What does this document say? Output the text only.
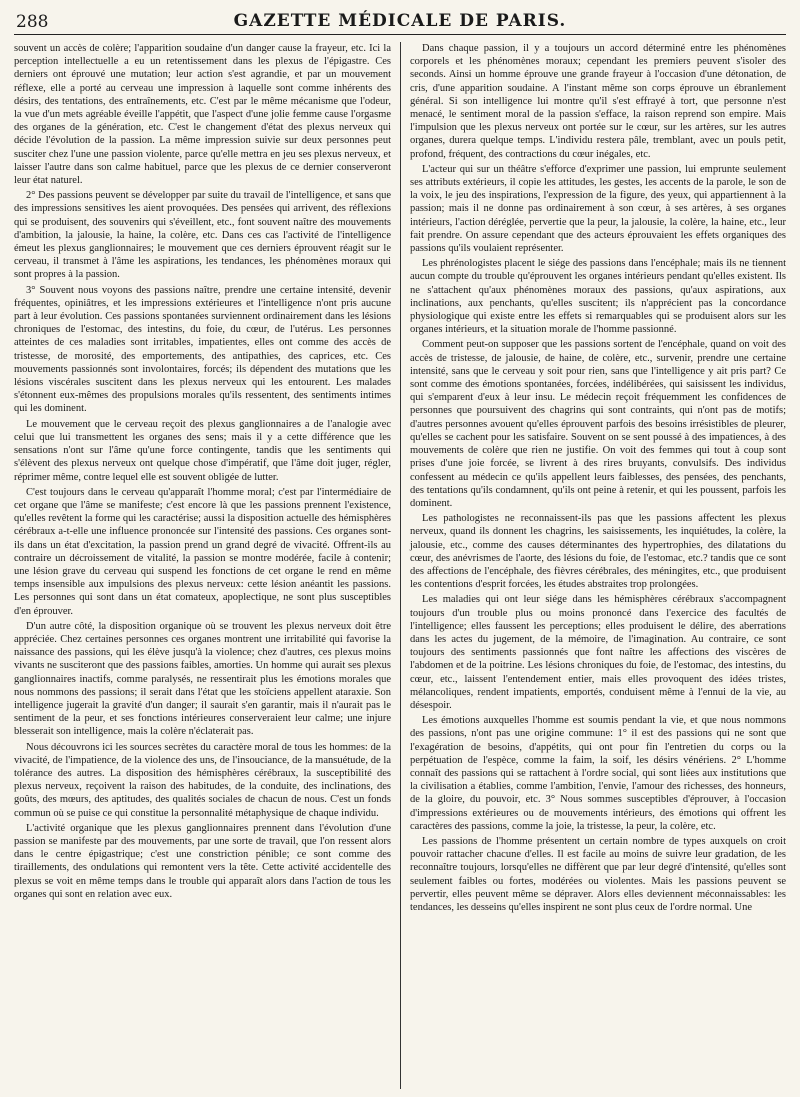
288	GAZETTE MÉDICALE DE PARIS.

souvent un accès de colère; l'apparition soudaine d'un danger cause la frayeur, etc. Ici la perception intellectuelle a eu un retentissement dans les plexus de l'épigastre. Ces derniers ont éprouvé une mutation; leur action s'est agrandie, et par un mouvement réflexe, elle a porté au cerveau une impression à laquelle sont comme inhérents des désirs, des tentations, des entraînements, etc. C'est par le même mécanisme que l'odeur, la vue d'un mets agréable éveille l'appétit, que l'aspect d'une jolie femme cause l'orgasme des organes de la génération, etc. C'est le changement d'état des plexus nerveux qui décide l'évolution de la passion. La même impression suivie sur deux personnes peut susciter chez l'une une passion violente, parce qu'elle mettra en jeu ses plexus nerveux, et laisser l'autre dans son calme habituel, parce que les plexus de ce dernier conserveront leur état naturel.

2° Des passions peuvent se développer par suite du travail de l'intelligence, et sans que des impressions sensitives les aient provoquées. Des pensées qui arrivent, des réflexions qui se produisent, des souvenirs qui s'éveillent, etc., font souvent naître des mouvements d'ambition, la jalousie, la haine, la colère, etc. Dans ces cas l'activité de l'intelligence émeut les plexus ganglionnaires; le mouvement que ces derniers éprouvent réagit sur le cerveau, il transmet à l'âme les aspirations, les tendances, les phénomènes moraux qui sont propres à la passion.

3° Souvent nous voyons des passions naître, prendre une certaine intensité, devenir fréquentes, opiniâtres, et les impressions extérieures et l'intelligence n'ont pris aucune part à leur évolution. Ces passions spontanées surviennent ordinairement dans les lésions chroniques de l'estomac, des intestins, du foie, du cœur, de l'utérus. Les personnes atteintes de ces maladies sont irritables, impatientes, elles ont comme des accès de tristesse, de morosité, des emportements, des antipathies, des caprices, etc. Ces mouvements passionnés sont involontaires, forcés; ils dépendent des mutations que les lésions viscérales suscitent dans les plexus nerveux qui les entourent. Les malades s'étonnent eux-mêmes des propulsions morales qu'ils ressentent, des sentiments intimes qui les dominent.

Le mouvement que le cerveau reçoit des plexus ganglionnaires a de l'analogie avec celui que lui transmettent les organes des sens; mais il y a cette différence que les sensations n'ont sur l'âme qu'une force contingente, tandis que les sentiments qui s'élèvent des plexus nerveux ont quelque chose d'impératif, que l'âme doit juger, régler, réprimer même, contre lequel elle est souvent obligée de lutter.

C'est toujours dans le cerveau qu'apparaît l'homme moral; c'est par l'intermédiaire de cet organe que l'âme se manifeste; c'est encore là que les passions prennent l'existence, qu'elles revêtent la forme qui les caractérise; aussi la disposition actuelle des hémisphères cérébraux a-t-elle une influence prononcée sur l'intensité des passions. Ces organes sont-ils dans un état d'excitation, la passion prend un grand degré de vivacité. Offrent-ils au contraire un décroissement de vitalité, la passion se montre modérée, facile à contenir; une lésion grave du cerveau qui suspend les fonctions de cet organe le rend en même temps insensible aux impulsions des plexus nerveux: cette lésion anéantit les passions. Les personnes qui sont dans un état comateux, apoplectique, ne sont plus susceptibles d'en éprouver.

D'un autre côté, la disposition organique où se trouvent les plexus nerveux doit être appréciée. Chez certaines personnes ces organes montrent une irritabilité qui favorise la naissance des passions, qui les élève jusqu'à la violence; chez d'autres, ces plexus moins vivants ne susciteront que des passions faibles, amorties. Un homme qui aurait ses plexus ganglionnaires inactifs, comme paralysés, ne ressentirait plus les émotions morales que nous nommons des passions; il serait dans l'état que les stoïciens appellent ataraxie. Son intelligence jugerait la gravité d'un danger; il saurait s'en garantir, mais il n'aurait pas le sentiment de la peur, et ses fonctions intérieures conserveraient leur calme; une injure blesserait son intelligence, mais la colère n'éclaterait pas.

Nous découvrons ici les sources secrètes du caractère moral de tous les hommes: de la vivacité, de l'impatience, de la violence des uns, de l'insouciance, de la mansuétude, de la tolérance des autres. La disposition des hémisphères cérébraux, la susceptibilité des plexus nerveux, reçoivent la raison des habitudes, de la conduite, des inclinations, des goûts, des mœurs, des aptitudes, des qualités sociales de chacun de nous. C'est un fonds commun où se puise ce qui constitue la personnalité métaphysique de chaque individu.

L'activité organique que les plexus ganglionnaires prennent dans l'évolution d'une passion se manifeste par des mouvements, par une sorte de travail, que l'on ressent alors dans le centre épigastrique; c'est une constriction pénible; ce sont comme des tiraillements, des ondulations qui remontent vers la tête. Cette activité accidentelle des plexus se voit en même temps dans le trouble qui apparaît alors dans l'action de tous les organes qui sont en relation avec eux.

Dans chaque passion, il y a toujours un accord déterminé entre les phénomènes corporels et les phénomènes moraux; cependant les premiers peuvent s'isoler des seconds. Ainsi un homme éprouve une grande frayeur à l'occasion d'une détonation, de cris, d'une apparition soudaine. A l'instant même son corps éprouve un ébranlement général. Si son intelligence lui montre qu'il s'est effrayé à tort, que personne n'est menacé, le sentiment moral de la passion s'efface, la raison reprend son empire. Mais l'impulsion que les plexus nerveux ont portée sur le cœur, sur les artères, sur les autres organes, durera quelque temps. L'individu restera pâle, tremblant, avec un pouls petit, profond, fréquent, des contractions du cœur inégales, etc.

L'acteur qui sur un théâtre s'efforce d'exprimer une passion, lui emprunte seulement ses attributs extérieurs, il copie les attitudes, les gestes, les accents de la parole, le son de la voix, le jeu des inspirations, l'expression de la figure, des yeux, qui appartiennent à la passion; mais il ne donne pas ordinairement à son cœur, à ses artères, à ses organes intérieurs, l'action déréglée, pervertie que la peur, la jalousie, la colère, la haine, etc., leur fait prendre. On assure cependant que des acteurs éprouvaient les effets organiques des passions qu'ils voulaient représenter.

Les phrénologistes placent le siége des passions dans l'encéphale; mais ils ne tiennent aucun compte du trouble qu'éprouvent les organes intérieurs pendant qu'elles existent. Ils ne s'attachent qu'aux phénomènes moraux des passions, qu'aux aspirations, aux inclinations, aux penchants, qu'elles suscitent; ils n'apprécient pas la concordance physiologique qui existe entre les effets si remarquables qui se produisent alors sur les organes intérieurs, et la situation morale de l'homme passionné.

Comment peut-on supposer que les passions sortent de l'encéphale, quand on voit des accès de tristesse, de jalousie, de haine, de colère, etc., survenir, prendre une certaine intensité, sans que le cerveau y soit pour rien, sans que l'intelligence y ait pris part? Ce sont comme des émotions spontanées, forcées, indélibérées, qui saisissent les individus, qui s'emparent d'eux à leur insu. Le médecin reçoit fréquemment les confidences de personnes que poursuivent des chagrins qui sont contraints, qui n'ont pas de motifs; d'autres personnes avouent qu'elles éprouvent parfois des besoins irrésistibles de pleurer, qu'elles se cachent pour les satisfaire. Souvent on se sent poussé à des impatiences, à des mouvements de colère que rien ne justifie. On voit des femmes qui tout à coup sont prises d'une joie forcée, se livrent à des rires bruyants, convulsifs. Des individus confessent au médecin ce qu'ils appellent leurs faiblesses, des pensées, des penchants, des tentations qu'ils condamnent, qu'ils ont peine à retenir, et qui les poussent, parfois les dominent.

Les pathologistes ne reconnaissent-ils pas que les passions affectent les plexus nerveux, quand ils donnent les chagrins, les saisissements, les inquiétudes, la colère, la jalousie, etc., comme des causes déterminantes des hypertrophies, des dilatations du cœur, des anévrismes de l'aorte, des lésions du foie, de l'estomac, etc.? tandis que ce sont des affections de l'encéphale, des fièvres cérébrales, des méningites, etc., que produisent les contentions d'esprit forcées, les études abstraites trop prolongées.

Les maladies qui ont leur siége dans les hémisphères cérébraux s'accompagnent toujours d'un trouble plus ou moins prononcé dans l'exercice des facultés de l'intelligence; elles faussent les perceptions; elles produisent le délire, des aberrations dans les actes du jugement, de la mémoire, de l'imagination. Au contraire, ce sont toujours des sentiments passionnés que font naître les affections des viscères de l'abdomen et de la poitrine. Les lésions chroniques du foie, de l'estomac, des intestins, du cœur, etc., laissent l'entendement entier, mais elles provoquent des idées tristes, mélancoliques, rendent impatients, emportés, conduisent même à l'ennui de la vie, au désespoir.

Les émotions auxquelles l'homme est soumis pendant la vie, et que nous nommons des passions, n'ont pas une origine commune: 1° il est des passions qui ne sont que l'exagération de besoins, d'appétits, qui ont pour fin l'entretien du corps ou la perpétuation de l'espèce, comme la faim, la soif, les désirs vénériens. 2° L'homme connaît des passions qui se rattachent à l'ordre social, qui sont liées aux institutions que la civilisation a établies, comme l'ambition, l'envie, l'amour des richesses, des honneurs, de la gloire, du pouvoir, etc. 3° Nous sommes susceptibles d'éprouver, à l'occasion d'impressions extérieures ou de mouvements intérieurs, des émotions qui offrent les caractères des passions, comme la joie, la tristesse, la peur, la colère, etc.

Les passions de l'homme présentent un certain nombre de types auxquels on croit pouvoir rattacher chacune d'elles. Il est facile au moins de suivre leur gradation, de les reconnaître toujours, lorsqu'elles ne diffèrent que par leur degré d'intensité, qu'elles sont seulement faibles ou fortes, modérées ou violentes. Mais les passions peuvent se pervertir, elles peuvent même se dépraver. Alors elles deviennent méconnaissables: les tendances, les desseins qu'elles inspirent ne sont plus ceux de l'ordre normal. Une
